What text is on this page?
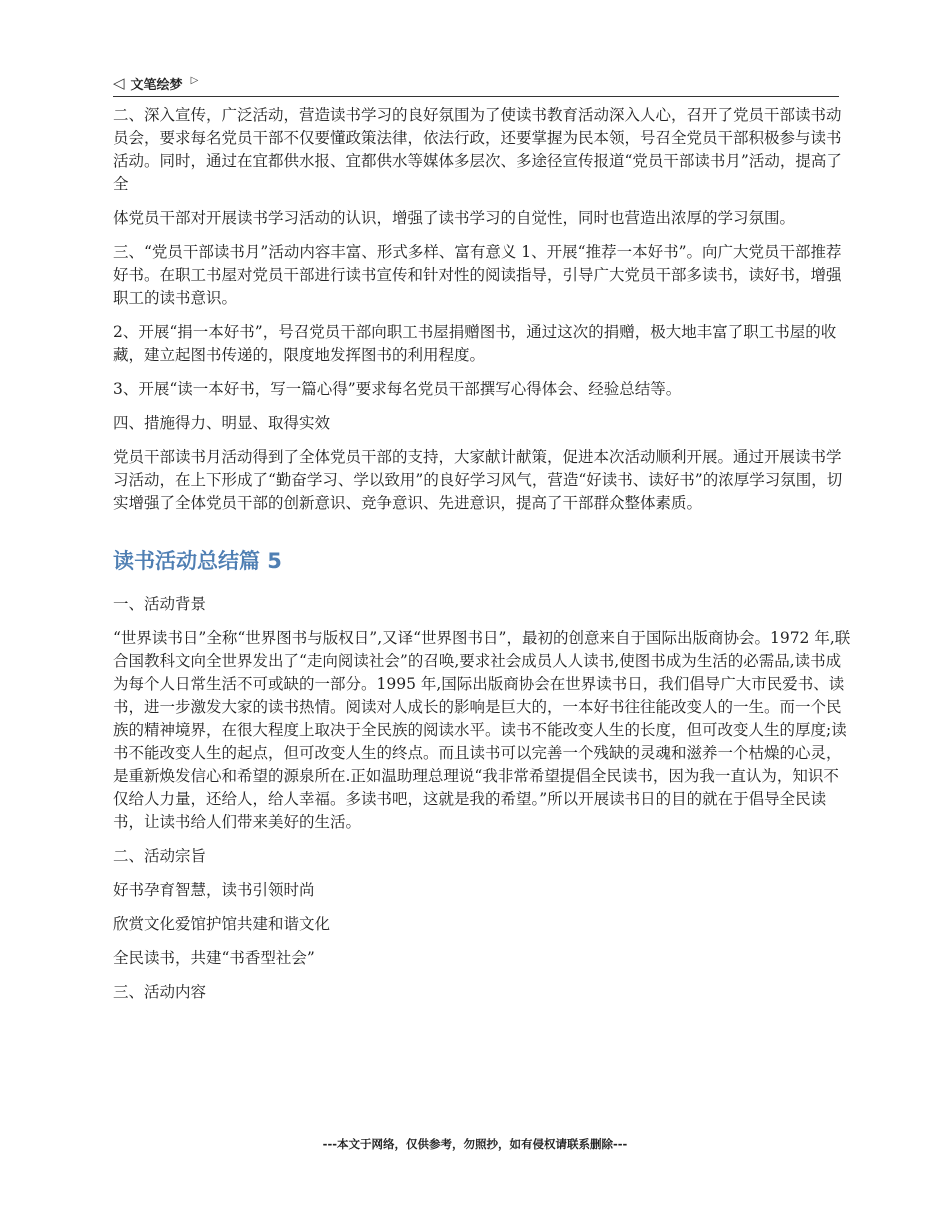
◁ 文笔绘梦 ▷

二、深入宣传，广泛活动，营造读书学习的良好氛围为了使读书教育活动深入人心，召开了党员干部读书动员会，要求每名党员干部不仅要懂政策法律，依法行政，还要掌握为民本领，号召全党员干部积极参与读书活动。同时，通过在宜都供水报、宜都供水等媒体多层次、多途径宣传报道“党员干部读书月”活动，提高了全

体党员干部对开展读书学习活动的认识，增强了读书学习的自觉性，同时也营造出浓厚的学习氛围。

三、“党员干部读书月”活动内容丰富、形式多样、富有意义 1、开展“推荐一本好书”。向广大党员干部推荐好书。在职工书屋对党员干部进行读书宣传和针对性的阅读指导，引导广大党员干部多读书，读好书，增强职工的读书意识。

2、开展“捐一本好书”，号召党员干部向职工书屋捐赠图书，通过这次的捐赠，极大地丰富了职工书屋的收藏，建立起图书传递的，限度地发挥图书的利用程度。

3、开展“读一本好书，写一篇心得”要求每名党员干部撰写心得体会、经验总结等。

四、措施得力、明显、取得实效

党员干部读书月活动得到了全体党员干部的支持，大家献计献策，促进本次活动顺利开展。通过开展读书学习活动，在上下形成了“勤奋学习、学以致用”的良好学习风气，营造“好读书、读好书”的浓厚学习氛围，切实增强了全体党员干部的创新意识、竞争意识、先进意识，提高了干部群众整体素质。

读书活动总结篇 5

一、活动背景

“世界读书日”全称“世界图书与版权日”,又译“世界图书日”，最初的创意来自于国际出版商协会。1972 年,联合国教科文向全世界发出了“走向阅读社会”的召唤,要求社会成员人人读书,使图书成为生活的必需品,读书成为每个人日常生活不可或缺的一部分。1995 年,国际出版商协会在世界读书日，我们倡导广大市民爱书、读书，进一步激发大家的读书热情。阅读对人成长的影响是巨大的，一本好书往往能改变人的一生。而一个民族的精神境界，在很大程度上取决于全民族的阅读水平。读书不能改变人生的长度，但可改变人生的厚度;读书不能改变人生的起点，但可改变人生的终点。而且读书可以完善一个残缺的灵魂和滋养一个枯燥的心灵，是重新焕发信心和希望的源泉所在.正如温助理总理说“我非常希望提倡全民读书，因为我一直认为，知识不仅给人力量，还给人，给人幸福。多读书吧，这就是我的希望。”所以开展读书日的目的就在于倡导全民读书，让读书给人们带来美好的生活。

二、活动宗旨

好书孕育智慧，读书引领时尚

欣赏文化爱馆护馆共建和谐文化

全民读书，共建“书香型社会”

三、活动内容

---本文于网络，仅供参考，勿照抄，如有侵权请联系删除---
